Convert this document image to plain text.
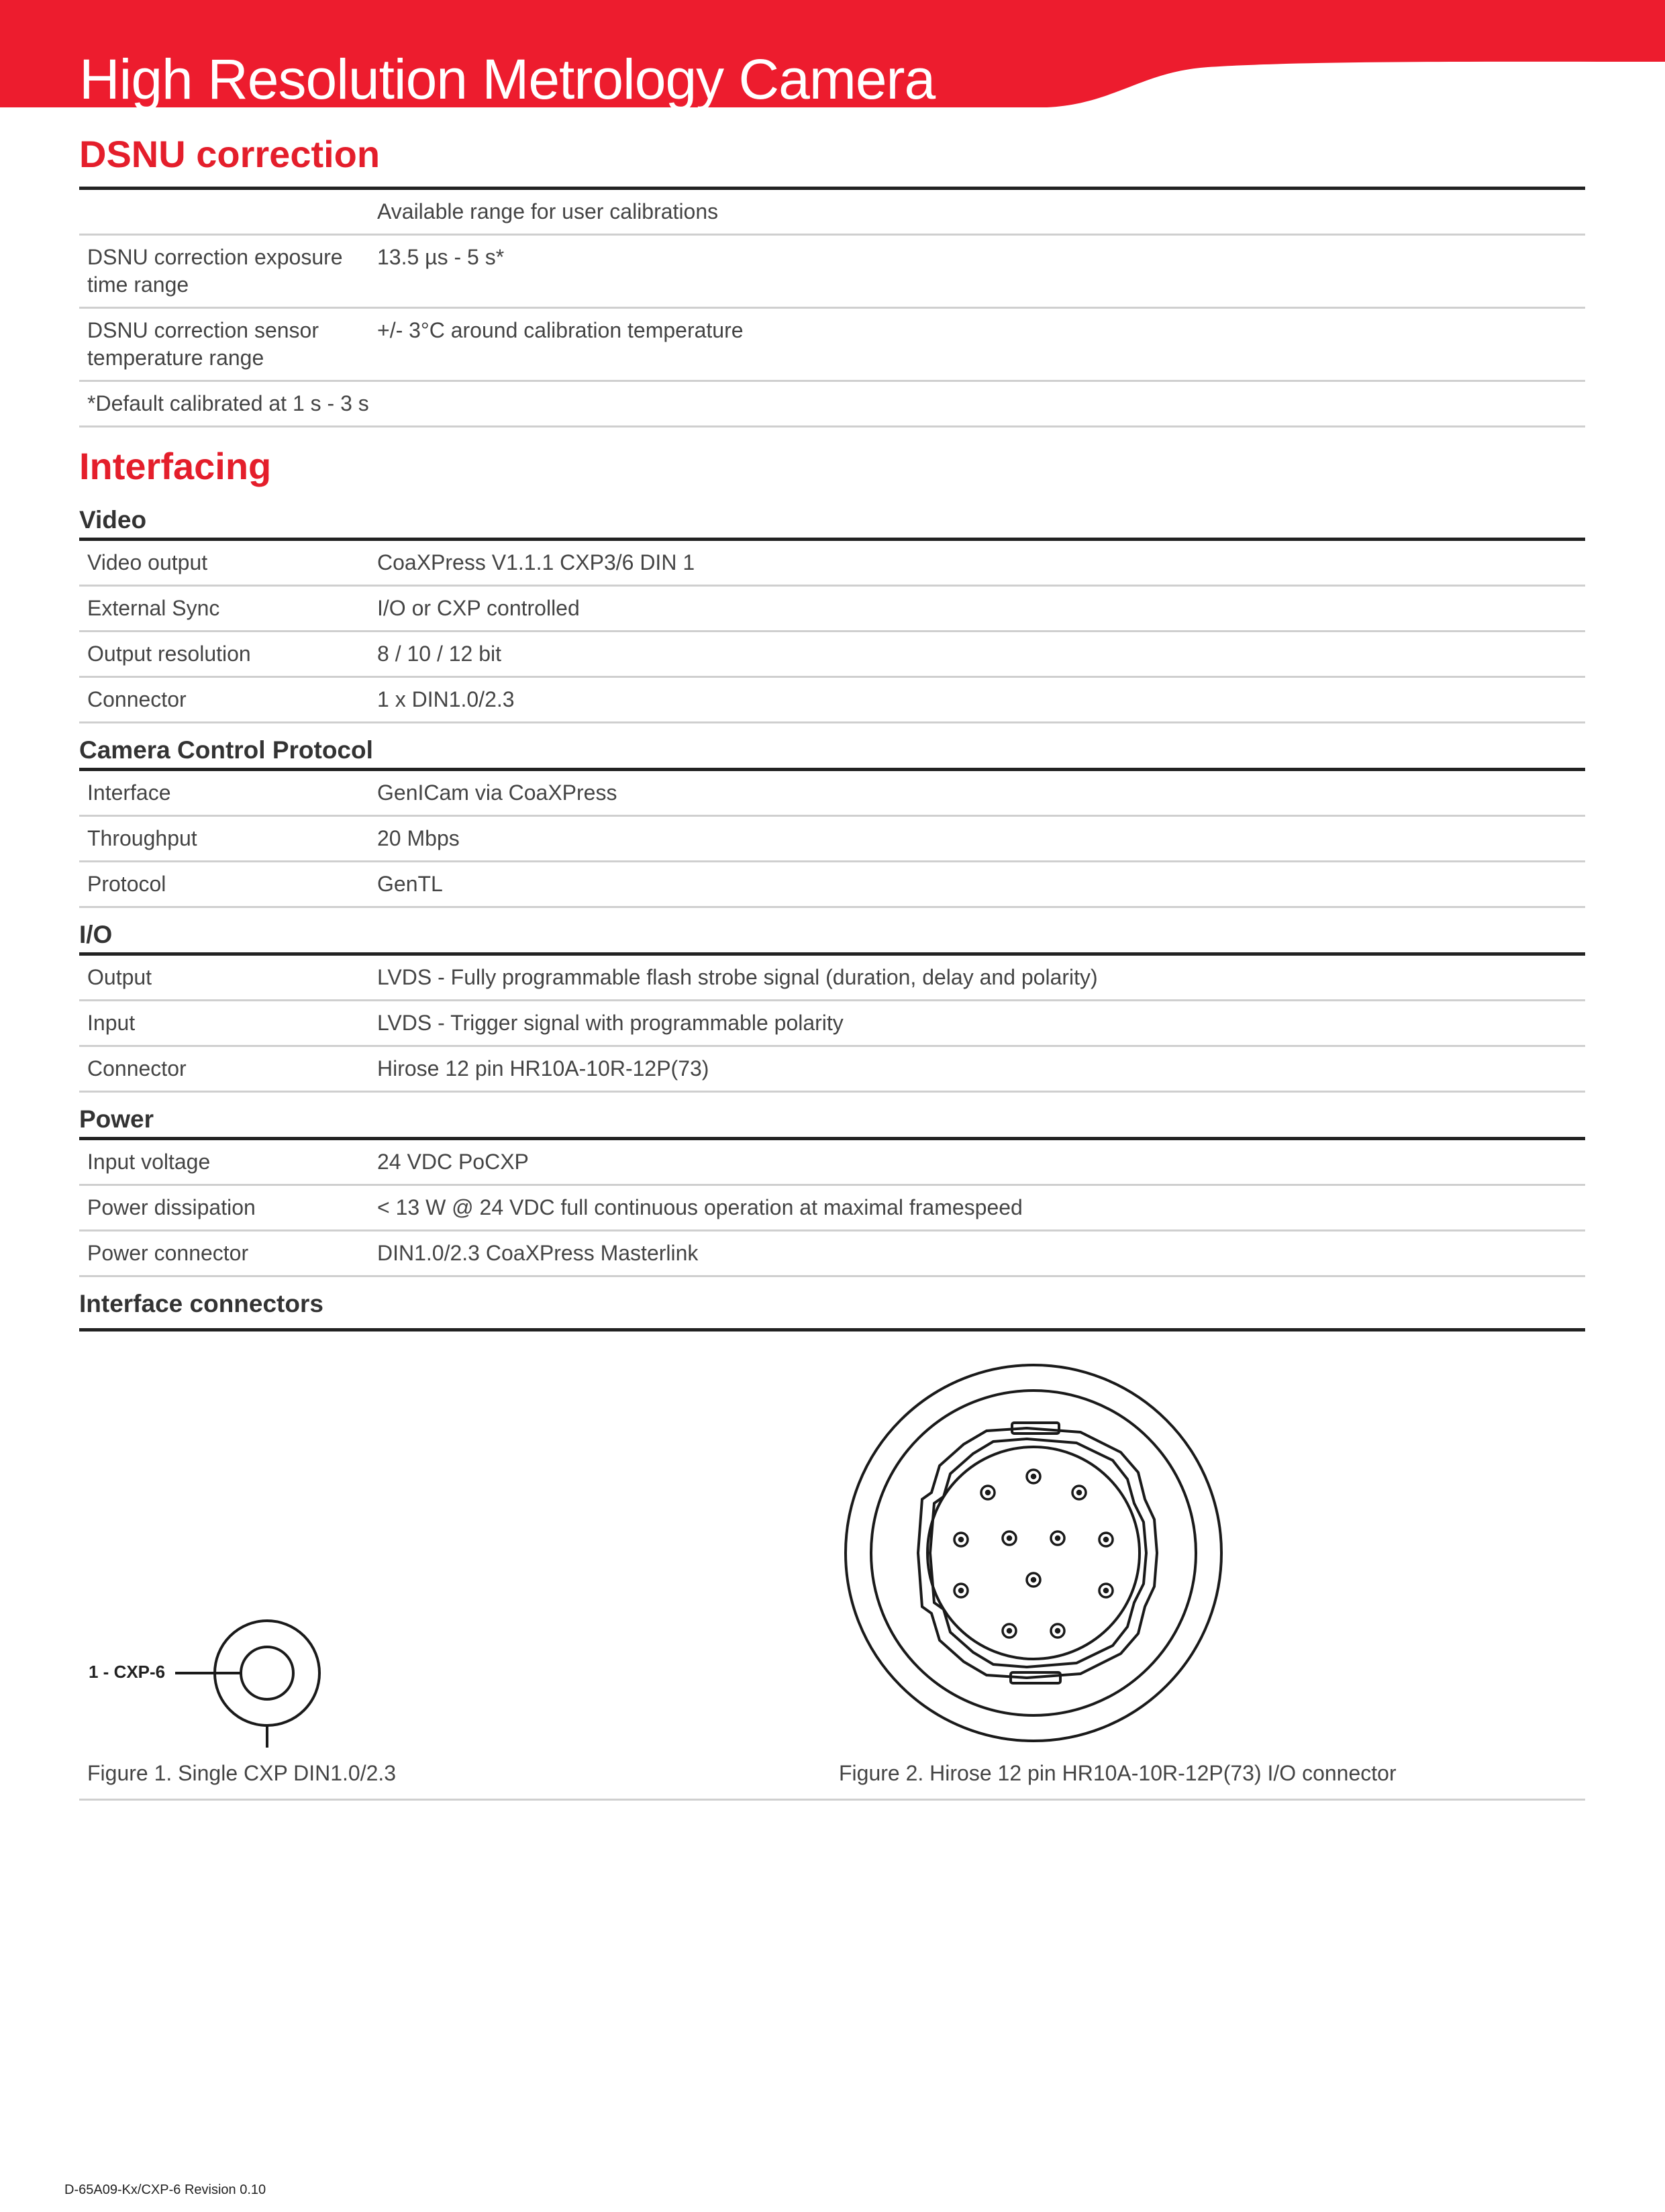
High Resolution Metrology Camera
DSNU correction
	Available range for user calibrations
DSNU correction exposure time range	13.5 µs - 5 s*
DSNU correction sensor temperature range	+/- 3°C around calibration temperature
*Default calibrated at 1 s - 3 s	
Interfacing
Video
Video output	CoaXPress V1.1.1 CXP3/6 DIN 1
External Sync	I/O or CXP controlled
Output resolution	8 / 10 / 12 bit
Connector	1 x DIN1.0/2.3
Camera Control Protocol
Interface	GenICam via CoaXPress
Throughput	20 Mbps
Protocol	GenTL
I/O
Output	LVDS - Fully programmable flash strobe signal (duration, delay and polarity)
Input	LVDS - Trigger signal with programmable polarity
Connector	Hirose 12 pin HR10A-10R-12P(73)
Power
Input voltage	24 VDC PoCXP
Power dissipation	< 13 W @ 24 VDC full continuous operation at maximal framespeed
Power connector	DIN1.0/2.3 CoaXPress Masterlink
Interface connectors
1 - CXP-6
Figure 1. Single CXP DIN1.0/2.3	Figure 2. Hirose 12 pin HR10A-10R-12P(73) I/O connector
D-65A09-Kx/CXP-6 Revision 0.10
